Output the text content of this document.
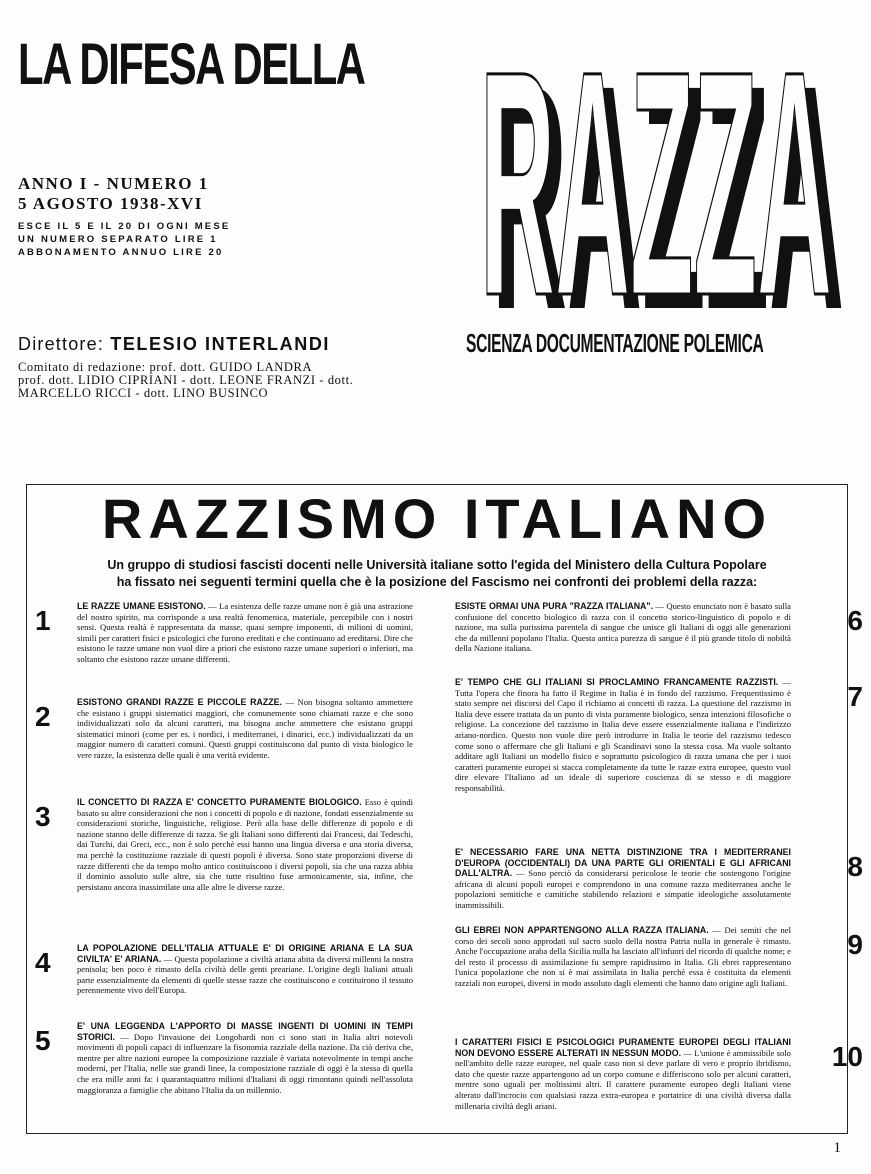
LA DIFESA DELLA

ANNO I - NUMERO 1

5 AGOSTO 1938-XVI

ESCE IL 5 E IL 20 DI OGNI MESE

UN NUMERO SEPARATO LIRE 1

ABBONAMENTO ANNUO LIRE 20

Direttore: TELESIO INTERLANDI

Comitato di redazione: prof. dott. GUIDO LANDRA

prof. dott. LIDIO CIPRIANI - dott. LEONE FRANZI - dott.

MARCELLO RICCI - dott. LINO BUSINCO

RAZZA
RAZZA
SCIENZA DOCUMENTAZIONE POLEMICA

RAZZISMO ITALIANO

Un gruppo di studiosi fascisti docenti nelle Università italiane sotto l'egida del Ministero della Cultura Popolare
ha fissato nei seguenti termini quella che è la posizione del Fascismo nei confronti dei problemi della razza:
1	LE RAZZE UMANE ESISTONO. — La esistenza delle razze umane non è già una astrazione del nostro spirito, ma corrisponde a una realtà fenomenica, materiale, percepibile con i nostri sensi. Questa realtà è rappresentata da masse, quasi sempre imponenti, di milioni di uomini, simili per caratteri fisici e psicologici che furono ereditati e che continuano ad ereditarsi. Dire che esistono le razze umane non vuol dire a priori che esistono razze umane superiori o inferiori, ma soltanto che esistono razze umane differenti.

2	ESISTONO GRANDI RAZZE E PICCOLE RAZZE. — Non bisogna soltanto ammettere che esistano i gruppi sistematici maggiori, che comunemente sono chiamati razze e che sono individualizzati solo da alcuni caratteri, ma bisogna anche ammettere che esistano gruppi sistematici minori (come per es. i nordici, i mediterranei, i dinarici, ecc.) individualizzati da un maggior numero di caratteri comuni. Questi gruppi costituiscono dal punto di vista biologico le vere razze, la esistenza delle quali è una verità evidente.

3	IL CONCETTO DI RAZZA E' CONCETTO PURAMENTE BIOLOGICO. Esso è quindi basato su altre considerazioni che non i concetti di popolo e di nazione, fondati essenzialmente su considerazioni storiche, linguistiche, religiose. Però alla base delle differenze di popolo e di nazione stanno delle differenze di razza. Se gli Italiani sono differenti dai Francesi, dai Tedeschi, dai Turchi, dai Greci, ecc., non è solo perchè essi hanno una lingua diversa e una storia diversa, ma perchè la costituzione razziale di questi popoli è diversa. Sono state proporzioni diverse di razze differenti che da tempo molto antico costituiscono i diversi popoli, sia che una razza abbia il dominio assoluto sulle altre, sia che tutte risultino fuse armonicamente, sia, infine, che persistano ancora inassimilate una alle altre le diverse razze.

4	LA POPOLAZIONE DELL'ITALIA ATTUALE E' DI ORIGINE ARIANA E LA SUA CIVILTA' E' ARIANA. — Questa popolazione a civiltà ariana abita da diversi millenni la nostra penisola; ben poco è rimasto della civiltà delle genti preariane. L'origine degli Italiani attuali parte essenzialmente da elementi di quelle stesse razze che costituiscono e costituirono il tessuto perennemente vivo dell'Europa.

5	E' UNA LEGGENDA L'APPORTO DI MASSE INGENTI DI UOMINI IN TEMPI STORICI. — Dopo l'invasione dei Longobardi non ci sono stati in Italia altri notevoli movimenti di popoli capaci di influenzare la fisonomia razziale della nazione. Da ciò deriva che, mentre per altre nazioni europee la composizione razziale è variata notevolmente in tempi anche moderni, per l'Italia, nelle sue grandi linee, la composizione razziale di oggi è la stessa di quella che era mille anni fa: i quarantaquattro milioni d'Italiani di oggi rimontano quindi nell'assoluta maggioranza a famiglie che abitano l'Italia da un millennio.

6

ESISTE ORMAI UNA PURA "RAZZA ITALIANA". — Questo enunciato non è basato sulla confusione del concetto biologico di razza con il concetto storico-linguistico di popolo e di nazione, ma sulla purissima parentela di sangue che unisce gli Italiani di oggi alle generazioni che da millenni popolano l'Italia. Questa antica purezza di sangue è il più grande titolo di nobiltà della Nazione italiana.

7

E' TEMPO CHE GLI ITALIANI SI PROCLAMINO FRANCAMENTE RAZZISTI. — Tutta l'opera che finora ha fatto il Regime in Italia è in fondo del razzismo. Frequentissimo è stato sempre nei discorsi del Capo il richiamo ai concetti di razza. La questione del razzismo in Italia deve essere trattata da un punto di vista puramente biologico, senza intenzioni filosofiche o religiose. La concezione del razzismo in Italia deve essere essenzialmente italiana e l'indirizzo ariano-nordico. Questo non vuole dire però introdurre in Italia le teorie del razzismo tedesco come sono o affermare che gli Italiani e gli Scandinavi sono la stessa cosa. Ma vuole soltanto additare agli Italiani un modello fisico e soprattutto psicologico di razza umana che per i suoi caratteri puramente europei si stacca completamente da tutte le razze extra europee, questo vuol dire elevare l'Italiano ad un ideale di superiore coscienza di se stesso e di maggiore responsabilità.

8

E' NECESSARIO FARE UNA NETTA DISTINZIONE TRA I MEDITERRANEI D'EUROPA (OCCIDENTALI) DA UNA PARTE GLI ORIENTALI E GLI AFRICANI DALL'ALTRA. — Sono perciò da considerarsi pericolose le teorie che sostengono l'origine africana di alcuni popoli europei e comprendono in una comune razza mediterranea anche le popolazioni semitiche e camitiche stabilendo relazioni e simpatie ideologiche assolutamente inammissibili.

9

GLI EBREI NON APPARTENGONO ALLA RAZZA ITALIANA. — Dei semiti che nel corso dei secoli sono approdati sul sacro suolo della nostra Patria nulla in generale è rimasto. Anche l'occupazione araba della Sicilia nulla ha lasciato all'infuori del ricordo di qualche nome; e del resto il processo di assimilazione fu sempre rapidissimo in Italia. Gli ebrei rappresentano l'unica popolazione che non si è mai assimilata in Italia perchè essa è costituita da elementi razziali non europei, diversi in modo assoluto dagli elementi che hanno dato origine agli Italiani.

10

I CARATTERI FISICI E PSICOLOGICI PURAMENTE EUROPEI DEGLI ITALIANI NON DEVONO ESSERE ALTERATI IN NESSUN MODO. — L'unione è ammissibile solo nell'ambito delle razze europee, nel quale caso non si deve parlare di vero e proprio ibridismo, dato che queste razze appartengono ad un corpo comune e differiscono solo per alcuni caratteri, mentre sono uguali per moltissimi altri. Il carattere puramente europeo degli Italiani viene alterato dall'incrocio con qualsiasi razza extra-europea e portatrice di una civiltà diversa dalla millenaria civiltà degli ariani.

1
